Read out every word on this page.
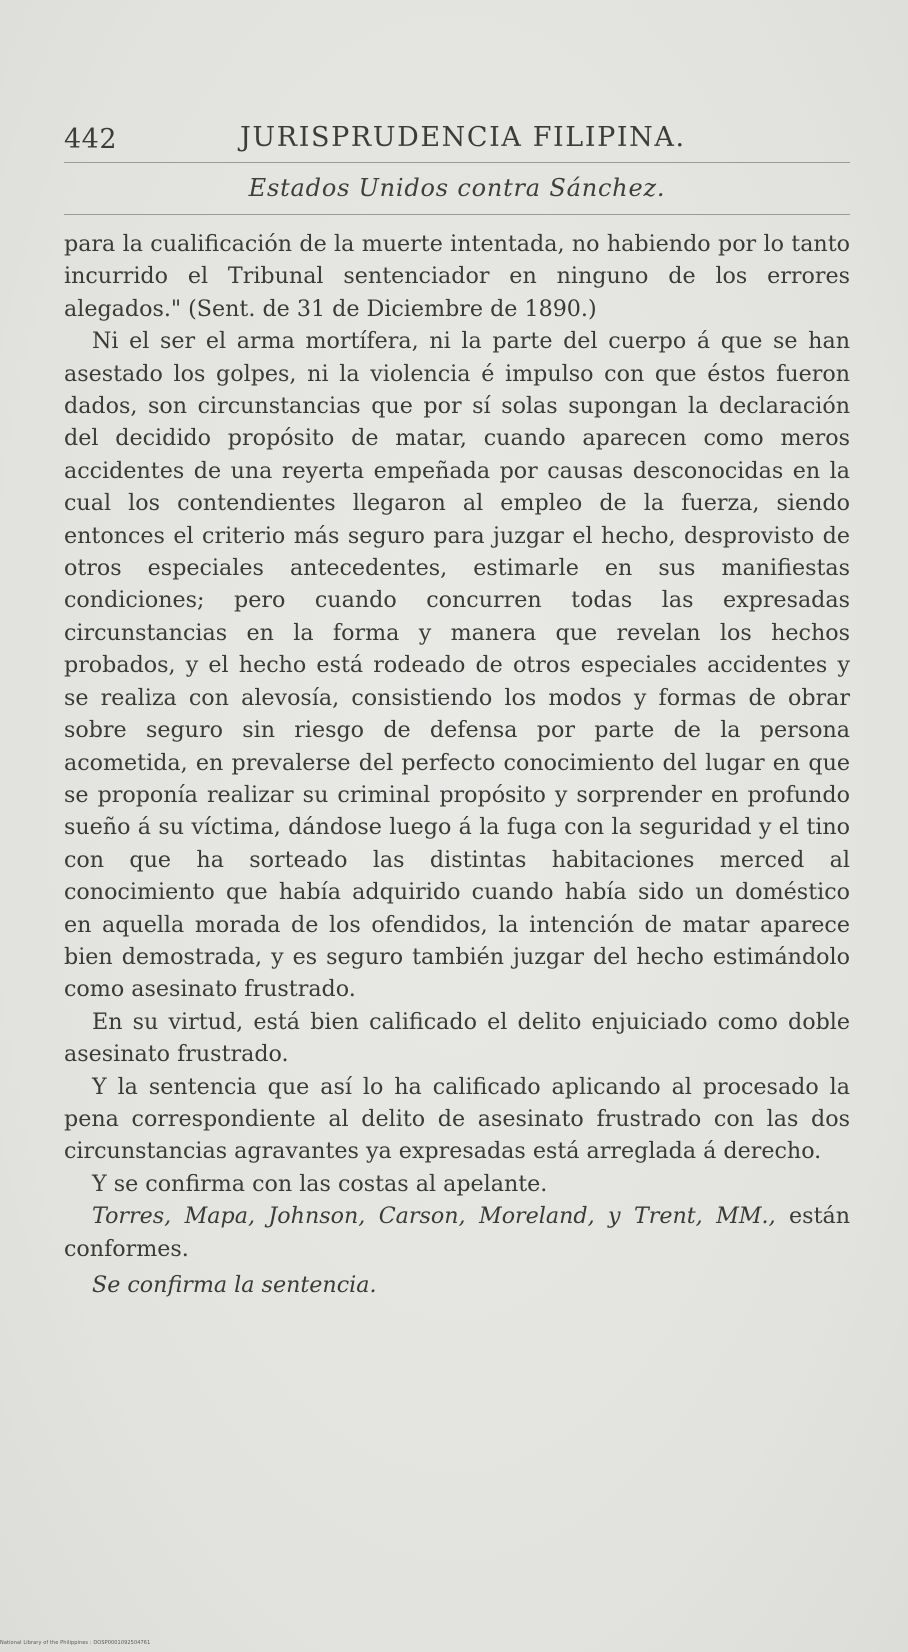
442	JURISPRUDENCIA FILIPINA.
Estados Unidos contra Sánchez.

para la cualificación de la muerte intentada, no habiendo por lo tanto incurrido el Tribunal sentenciador en ninguno de los errores alegados." (Sent. de 31 de Diciembre de 1890.)

Ni el ser el arma mortífera, ni la parte del cuerpo á que se han asestado los golpes, ni la violencia é impulso con que éstos fueron dados, son circunstancias que por sí solas supongan la declaración del decidido propósito de matar, cuando aparecen como meros accidentes de una reyerta empeñada por causas desconocidas en la cual los contendientes llegaron al empleo de la fuerza, siendo entonces el criterio más seguro para juzgar el hecho, desprovisto de otros especiales antecedentes, estimarle en sus manifiestas condiciones; pero cuando concurren todas las expresadas circunstancias en la forma y manera que revelan los hechos probados, y el hecho está rodeado de otros especiales accidentes y se realiza con alevosía, consistiendo los modos y formas de obrar sobre seguro sin riesgo de defensa por parte de la persona acometida, en prevalerse del perfecto conocimiento del lugar en que se proponía realizar su criminal propósito y sorprender en profundo sueño á su víctima, dándose luego á la fuga con la seguridad y el tino con que ha sorteado las distintas habitaciones merced al conocimiento que había adquirido cuando había sido un doméstico en aquella morada de los ofendidos, la intención de matar aparece bien demostrada, y es seguro también juzgar del hecho estimándolo como asesinato frustrado.

En su virtud, está bien calificado el delito enjuiciado como doble asesinato frustrado.

Y la sentencia que así lo ha calificado aplicando al procesado la pena correspondiente al delito de asesinato frustrado con las dos circunstancias agravantes ya expresadas está arreglada á derecho.

Y se confirma con las costas al apelante.

Torres, Mapa, Johnson, Carson, Moreland, y Trent, MM., están conformes.

Se confirma la sentencia.

National Library of the Philippines : DOSP0001092504761
